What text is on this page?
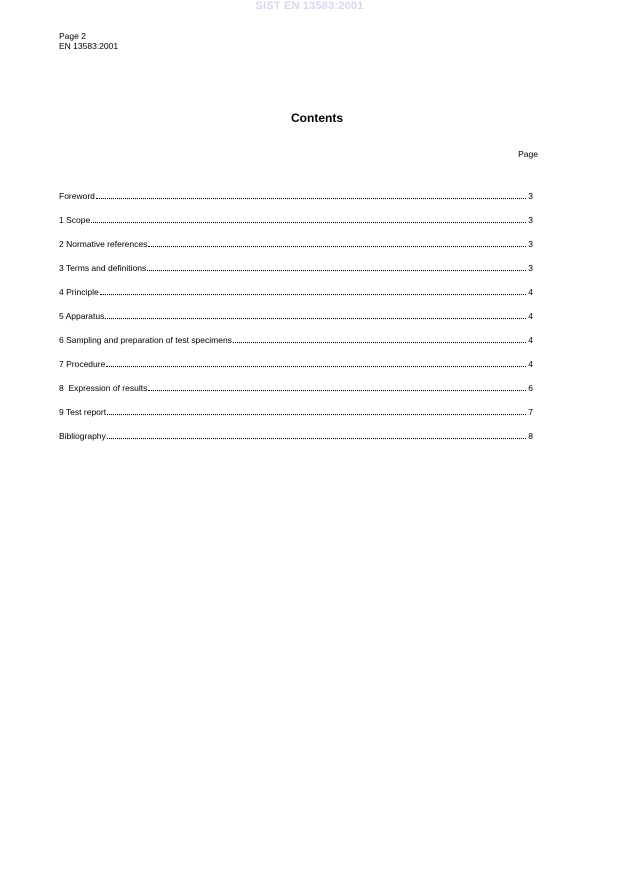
SIST EN 13583:2001
Page 2
EN 13583:2001
Contents
Page
Foreword	3
1 Scope	3
2 Normative references	3
3 Terms and definitions	3
4 Principle	4
5 Apparatus	4
6 Sampling and preparation of test specimens	4
7 Procedure	4
8  Expression of results	6
9 Test report	7
Bibliography	8
